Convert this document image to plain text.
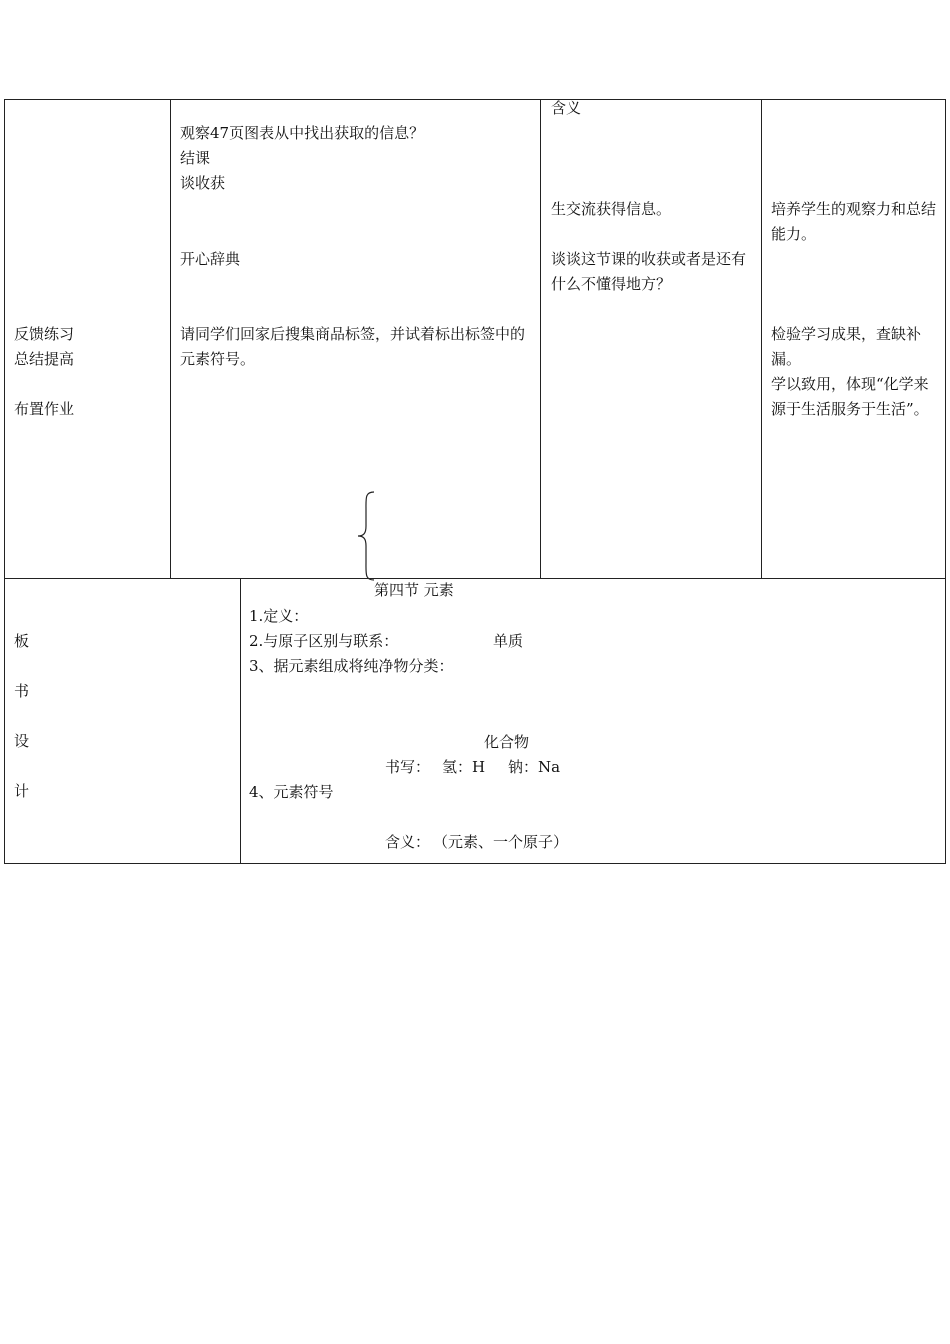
反馈练习
总结提高
布置作业
观察47页图表从中找出获取的信息？
结课
谈收获
开心辞典
请同学们回家后搜集商品标签，并试着标出标签中的元素符号。
含义
生交流获得信息。
谈谈这节课的收获或者是还有什么不懂得地方？
培养学生的观察力和总结能力。
检验学习成果，查缺补漏。
学以致用，体现“化学来源于生活服务于生活”。
板
书
设
计
第四节 元素
1.定义：
2.与原子区别与联系：	单质
3、据元素组成将纯净物分类：
化合物
书写： 氢：H 钠：Na
4、元素符号
含义： （元素、一个原子）
